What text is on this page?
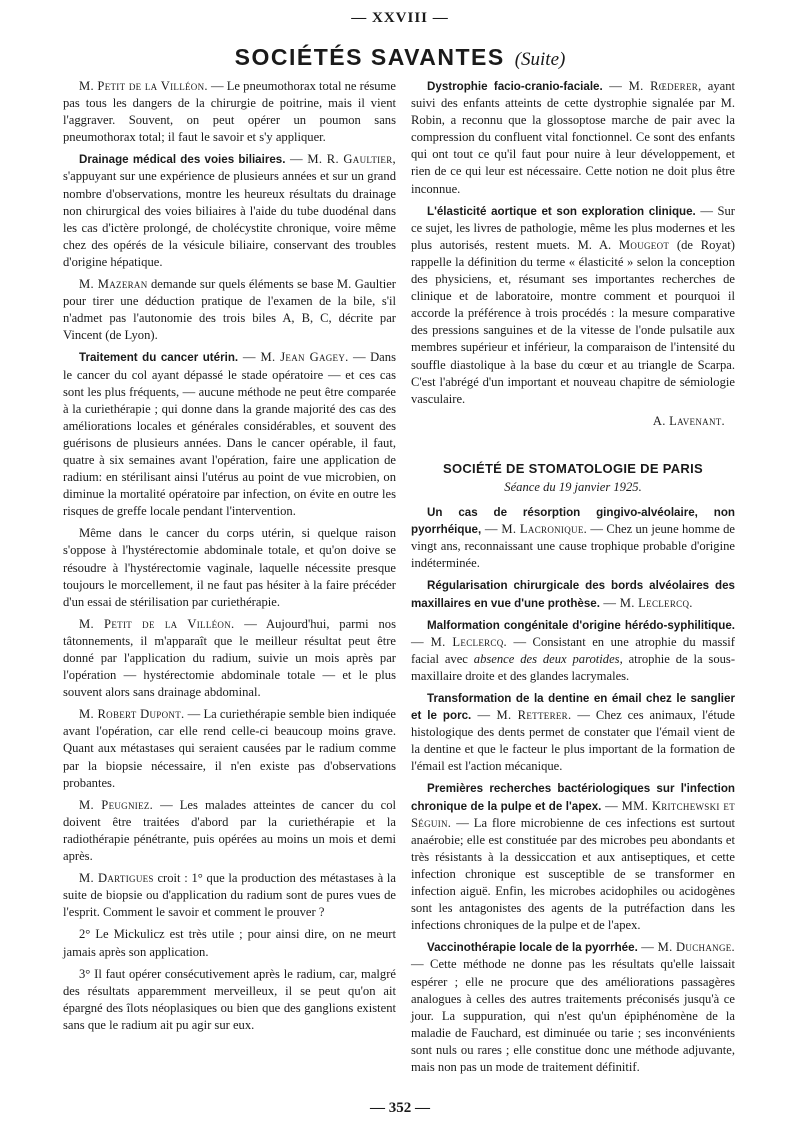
— XXVIII —
SOCIÉTÉS SAVANTES (Suite)

M. Petit de la Villéon. — Le pneumothorax total ne résume pas tous les dangers de la chirurgie de poitrine, mais il vient l'aggraver. Souvent, on peut opérer un poumon sans pneumothorax total; il faut le savoir et s'y appliquer.

Drainage médical des voies biliaires. — M. R. Gaultier, s'appuyant sur une expérience de plusieurs années et sur un grand nombre d'observations, montre les heureux résultats du drainage non chirurgical des voies biliaires à l'aide du tube duodénal dans les cas d'ictère prolongé, de cholécystite chronique, voire même chez des opérés de la vésicule biliaire, conservant des troubles d'origine hépatique.

M. Mazeran demande sur quels éléments se base M. Gaultier pour tirer une déduction pratique de l'examen de la bile, s'il n'admet pas l'autonomie des trois biles A, B, C, décrite par Vincent (de Lyon).

Traitement du cancer utérin. — M. Jean Gagey. — Dans le cancer du col ayant dépassé le stade opératoire — et ces cas sont les plus fréquents, — aucune méthode ne peut être comparée à la curiethérapie ; qui donne dans la grande majorité des cas des améliorations locales et générales considérables, et souvent des guérisons de plusieurs années. Dans le cancer opérable, il faut, quatre à six semaines avant l'opération, faire une application de radium: en stérilisant ainsi l'utérus au point de vue microbien, on diminue la mortalité opératoire par infection, on évite en outre les risques de greffe locale pendant l'intervention.

Même dans le cancer du corps utérin, si quelque raison s'oppose à l'hystérectomie abdominale totale, et qu'on doive se résoudre à l'hystérectomie vaginale, laquelle nécessite presque toujours le morcellement, il ne faut pas hésiter à la faire précéder d'un essai de stérilisation par curiethérapie.

M. Petit de la Villéon. — Aujourd'hui, parmi nos tâtonnements, il m'apparaît que le meilleur résultat peut être donné par l'application du radium, suivie un mois après par l'opération — hystérectomie abdominale totale — et le plus souvent alors sans drainage abdominal.

M. Robert Dupont. — La curiethérapie semble bien indiquée avant l'opération, car elle rend celle-ci beaucoup moins grave. Quant aux métastases qui seraient causées par le radium comme par la biopsie nécessaire, il n'en existe pas d'observations probantes.

M. Peugniez. — Les malades atteintes de cancer du col doivent être traitées d'abord par la curiethérapie et la radiothérapie pénétrante, puis opérées au moins un mois et demi après.

M. Dartigues croit : 1° que la production des métastases à la suite de biopsie ou d'application du radium sont de pures vues de l'esprit. Comment le savoir et comment le prouver ?

2° Le Mickulicz est très utile ; pour ainsi dire, on ne meurt jamais après son application.

3° Il faut opérer consécutivement après le radium, car, malgré des résultats apparemment merveilleux, il se peut qu'on ait épargné des îlots néoplasiques ou bien que des ganglions existent sans que le radium ait pu agir sur eux.

Dystrophie facio-cranio-faciale. — M. Rœderer, ayant suivi des enfants atteints de cette dystrophie signalée par M. Robin, a reconnu que la glossoptose marche de pair avec la compression du confluent vital fonctionnel. Ce sont des enfants qui ont tout ce qu'il faut pour nuire à leur développement, et rien de ce qui leur est nécessaire. Cette notion ne doit plus être inconnue.

L'élasticité aortique et son exploration clinique. — Sur ce sujet, les livres de pathologie, même les plus modernes et les plus autorisés, restent muets. M. A. Mougeot (de Royat) rappelle la définition du terme « élasticité » selon la conception des physiciens, et, résumant ses importantes recherches de clinique et de laboratoire, montre comment et pourquoi il accorde la préférence à trois procédés : la mesure comparative des pressions sanguines et de la vitesse de l'onde pulsatile aux membres supérieur et inférieur, la comparaison de l'intensité du souffle diastolique à la base du cœur et au triangle de Scarpa. C'est l'abrégé d'un important et nouveau chapitre de sémiologie vasculaire.

A. Lavenant.

SOCIÉTÉ DE STOMATOLOGIE DE PARIS
Séance du 19 janvier 1925.

Un cas de résorption gingivo-alvéolaire, non pyorrhéique, — M. Lacronique. — Chez un jeune homme de vingt ans, reconnaissant une cause trophique probable d'origine indéterminée.

Régularisation chirurgicale des bords alvéolaires des maxillaires en vue d'une prothèse. — M. Leclercq.

Malformation congénitale d'origine hérédo-syphilitique. — M. Leclercq. — Consistant en une atrophie du massif facial avec absence des deux parotides, atrophie de la sous-maxillaire droite et des glandes lacrymales.

Transformation de la dentine en émail chez le sanglier et le porc. — M. Retterer. — Chez ces animaux, l'étude histologique des dents permet de constater que l'émail vient de la dentine et que le facteur le plus important de la formation de l'émail est l'action mécanique.

Premières recherches bactériologiques sur l'infection chronique de la pulpe et de l'apex. — MM. Kritchewski et Séguin. — La flore microbienne de ces infections est surtout anaérobie; elle est constituée par des microbes peu abondants et très résistants à la dessiccation et aux antiseptiques, et cette infection chronique est susceptible de se transformer en infection aiguë. Enfin, les microbes acidophiles ou acidogènes sont les antagonistes des agents de la putréfaction dans les infections chroniques de la pulpe et de l'apex.

Vaccinothérapie locale de la pyorrhée. — M. Duchange. — Cette méthode ne donne pas les résultats qu'elle laissait espérer ; elle ne procure que des améliorations passagères analogues à celles des autres traitements préconisés jusqu'à ce jour. La suppuration, qui n'est qu'un épiphénomène de la maladie de Fauchard, est diminuée ou tarie ; ses inconvénients sont nuls ou rares ; elle constitue donc une méthode adjuvante, mais non pas un mode de traitement définitif.

— 352 —
